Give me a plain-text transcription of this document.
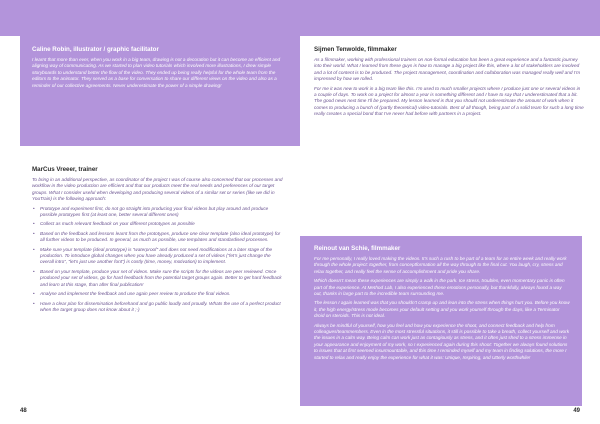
Caline Robin, illustrator / graphic facilitator
I learnt that more than ever, when you work in a big team, drawing is not a decoration but it can become an efficient and aligning way of communicating. As we started to plan video tutorials which involved more illustrations, I drew simple storyboards to understand better the flow of the video. They ended up being really helpful for the whole team from the editors to the animator. They served as a base for conversation to share our different views on the video and also as a reminder of our collective agreements. Never underestimate the power of a simple drawing!
MarCus Vreeer, trainer
To bring in an additional perspective, as coordinator of the project I was of course also concerned that our processes and workflow in the video production are efficient and that our products meet the real needs and preferences of our target groups. What I consider useful when developing and producing several videos of a similar set or series (like we did in YouTrain) is the following approach:
• Prototype and experiment first, do not go straight into producing your final videos but play around and produce possible prototypes first (at least one, better several different ones)
• Collect as much relevant feedback on your different prototypes as possible
• Based on the feedback and lessons learnt from the prototypes, produce one clear template (also ideal prototype) for all further videos to be produced. In general, as much as possible, use templates and standardised processes.
• Make sure your template (ideal prototype) is “waterproof” and does not need modifications at a later stage of the production. To introduce global changes when you have already produced a set of videos (“let’s just change the overall intro”, “let’s just use another font”) is costly (time, money, motivation) to implement.
• Based on your template, produce your set of videos. Make sure the scripts for the videos are peer reviewed. Once produced your set of videos, go for hard feedback from the potential target groups again. Better to get hard feedback and learn at this stage, than after final publication!
• Analyse and implement the feedback and use again peer review to produce the final videos.
• Have a clear plan for dissemination beforehand and go public loudly and proudly. Whats the use of a perfect product when the target group does not know about it ;-)
48
Sijmen Tenwolde, filmmaker
As a filmmaker, working with professional trainers on non-formal education has been a great experience and a fantastic journey into their world. What I learned from these guys is how to manage a big project like this, where a lot of stakeholders are involved and a lot of content is to be produced. The project management, coordination and collaboration was managed really well and I’m impressed by how we rolled.
For me it was new to work in a big team like this. I’m used to much smaller projects where I produce just one or several videos in a couple of days. To work on a project for almost a year is something different and I have to say that I underestimated that a bit. The good news next time I’ll be prepared. My lesson learned is that you should not underestimate the amount of work when it comes to producing a bunch of (partly theoretical) video-tutorials. Best of all though, being part of a solid team for such a long time really creates a special bond that I’ve never had before with partners in a project.
Reinout van Schie, filmmaker
For me personally, I really loved making the videos. It’s such a rush to be part of a team for an entire week and really work through the whole project: together, from conceptformation all the way through to the final cut. You laugh, cry, stress and relax together, and really feel the sense of accomplishment and pride you share.
Which doesn’t mean these experiences are simply a walk in the park. Ice stress, troubles, even momentary panic is often part of the experience. At Method Lab, I also experienced these emotions personally, but thankfully, always found a way out, thanks in large part to the incredible team surrounding me.
The lesson I again learned was that you shouldn’t cramp up and lean into the stress when things hurt you. Before you know it, the high energy/stress mode becomes your default setting and you work yourself through the days, like a Terminator droid on steroids. This is not ideal.
Always be mindful of yourself, how you feel and how you experience the shoot, and connect feedback and help from colleagues/teammembers. Even in the most stressful situations, it still is possible to take a breath, collect yourself and work the issues in a calm way. Being calm can work just as contagiously as stress, and it often just shed to a stress immense in your appearance and enjoyment of my work, so I experienced again during this shoot: Together we always found solutions to issues that at first seemed insurmountable, and this time I reminded myself and my team in finding solutions, the more I started to relax and really enjoy the experience for what it was: Unique, Inspiring, and Utterly worthwhile!
49
